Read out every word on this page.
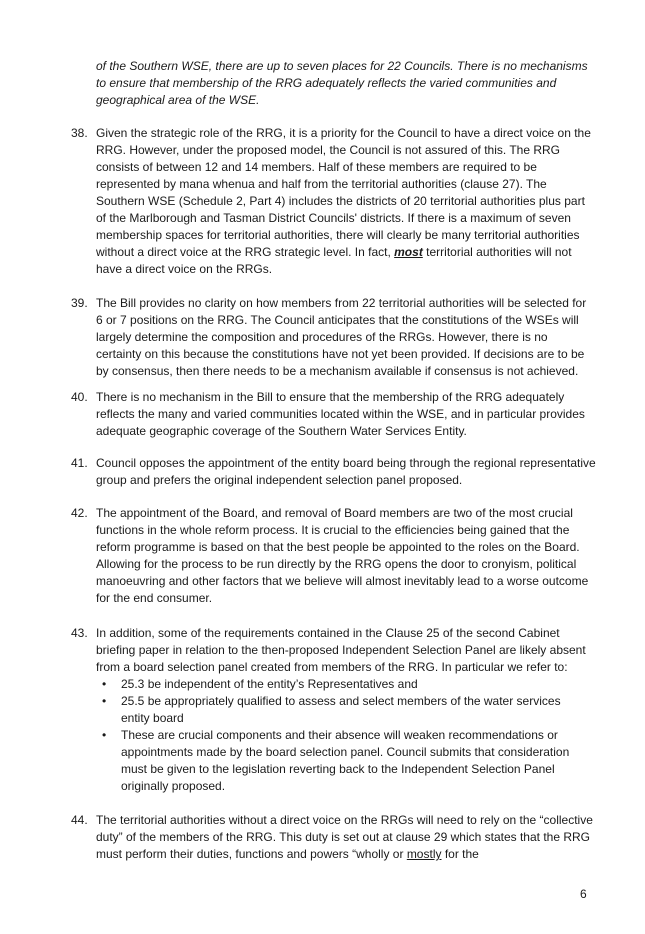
of the Southern WSE, there are up to seven places for 22 Councils. There is no mechanisms to ensure that membership of the RRG adequately reflects the varied communities and geographical area of the WSE.
38. Given the strategic role of the RRG, it is a priority for the Council to have a direct voice on the RRG. However, under the proposed model, the Council is not assured of this. The RRG consists of between 12 and 14 members. Half of these members are required to be represented by mana whenua and half from the territorial authorities (clause 27). The Southern WSE (Schedule 2, Part 4) includes the districts of 20 territorial authorities plus part of the Marlborough and Tasman District Councils' districts. If there is a maximum of seven membership spaces for territorial authorities, there will clearly be many territorial authorities without a direct voice at the RRG strategic level. In fact, most territorial authorities will not have a direct voice on the RRGs.
39. The Bill provides no clarity on how members from 22 territorial authorities will be selected for 6 or 7 positions on the RRG. The Council anticipates that the constitutions of the WSEs will largely determine the composition and procedures of the RRGs. However, there is no certainty on this because the constitutions have not yet been provided. If decisions are to be by consensus, then there needs to be a mechanism available if consensus is not achieved.
40. There is no mechanism in the Bill to ensure that the membership of the RRG adequately reflects the many and varied communities located within the WSE, and in particular provides adequate geographic coverage of the Southern Water Services Entity.
41. Council opposes the appointment of the entity board being through the regional representative group and prefers the original independent selection panel proposed.
42. The appointment of the Board, and removal of Board members are two of the most crucial functions in the whole reform process. It is crucial to the efficiencies being gained that the reform programme is based on that the best people be appointed to the roles on the Board. Allowing for the process to be run directly by the RRG opens the door to cronyism, political manoeuvring and other factors that we believe will almost inevitably lead to a worse outcome for the end consumer.
43. In addition, some of the requirements contained in the Clause 25 of the second Cabinet briefing paper in relation to the then-proposed Independent Selection Panel are likely absent from a board selection panel created from members of the RRG. In particular we refer to:
•	25.3 be independent of the entity’s Representatives and
•	25.5 be appropriately qualified to assess and select members of the water services entity board
•	These are crucial components and their absence will weaken recommendations or appointments made by the board selection panel. Council submits that consideration must be given to the legislation reverting back to the Independent Selection Panel originally proposed.
44. The territorial authorities without a direct voice on the RRGs will need to rely on the “collective duty” of the members of the RRG. This duty is set out at clause 29 which states that the RRG must perform their duties, functions and powers “wholly or mostly for the
6
